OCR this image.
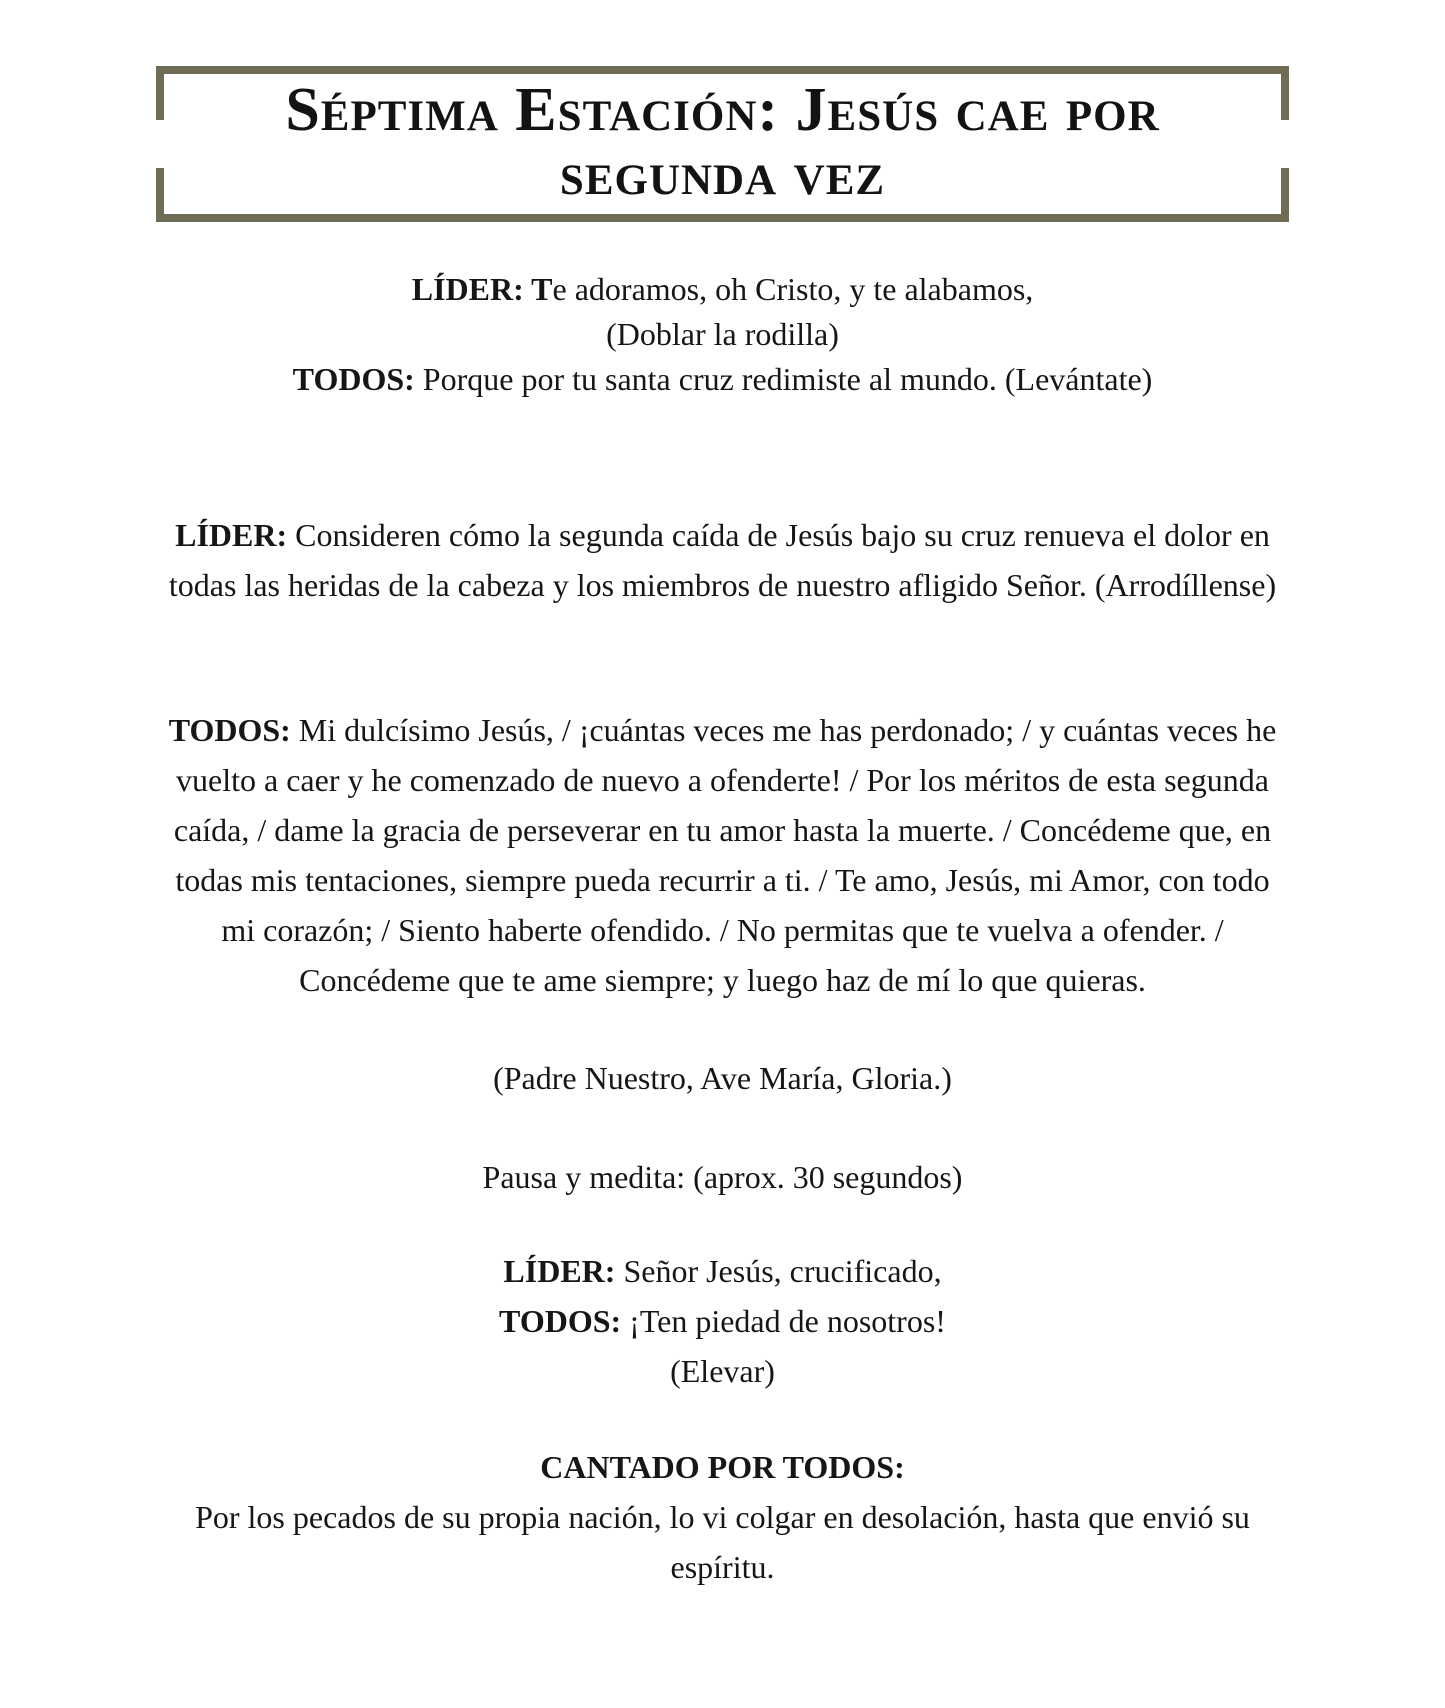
Séptima Estación: Jesús cae por
segunda vez

LÍDER: Te adoramos, oh Cristo, y te alabamos,

(Doblar la rodilla)

TODOS: Porque por tu santa cruz redimiste al mundo. (Levántate)

LÍDER: Consideren cómo la segunda caída de Jesús bajo su cruz renueva el dolor en

todas las heridas de la cabeza y los miembros de nuestro afligido Señor. (Arrodíllense)

TODOS: Mi dulcísimo Jesús, / ¡cuántas veces me has perdonado; / y cuántas veces he

vuelto a caer y he comenzado de nuevo a ofenderte! / Por los méritos de esta segunda

caída, / dame la gracia de perseverar en tu amor hasta la muerte. / Concédeme que, en

todas mis tentaciones, siempre pueda recurrir a ti. / Te amo, Jesús, mi Amor, con todo

mi corazón; / Siento haberte ofendido. / No permitas que te vuelva a ofender. /

Concédeme que te ame siempre; y luego haz de mí lo que quieras.

(Padre Nuestro, Ave María, Gloria.)

Pausa y medita: (aprox. 30 segundos)

LÍDER: Señor Jesús, crucificado,

TODOS: ¡Ten piedad de nosotros!

(Elevar)

CANTADO POR TODOS:

Por los pecados de su propia nación, lo vi colgar en desolación, hasta que envió su

espíritu.
